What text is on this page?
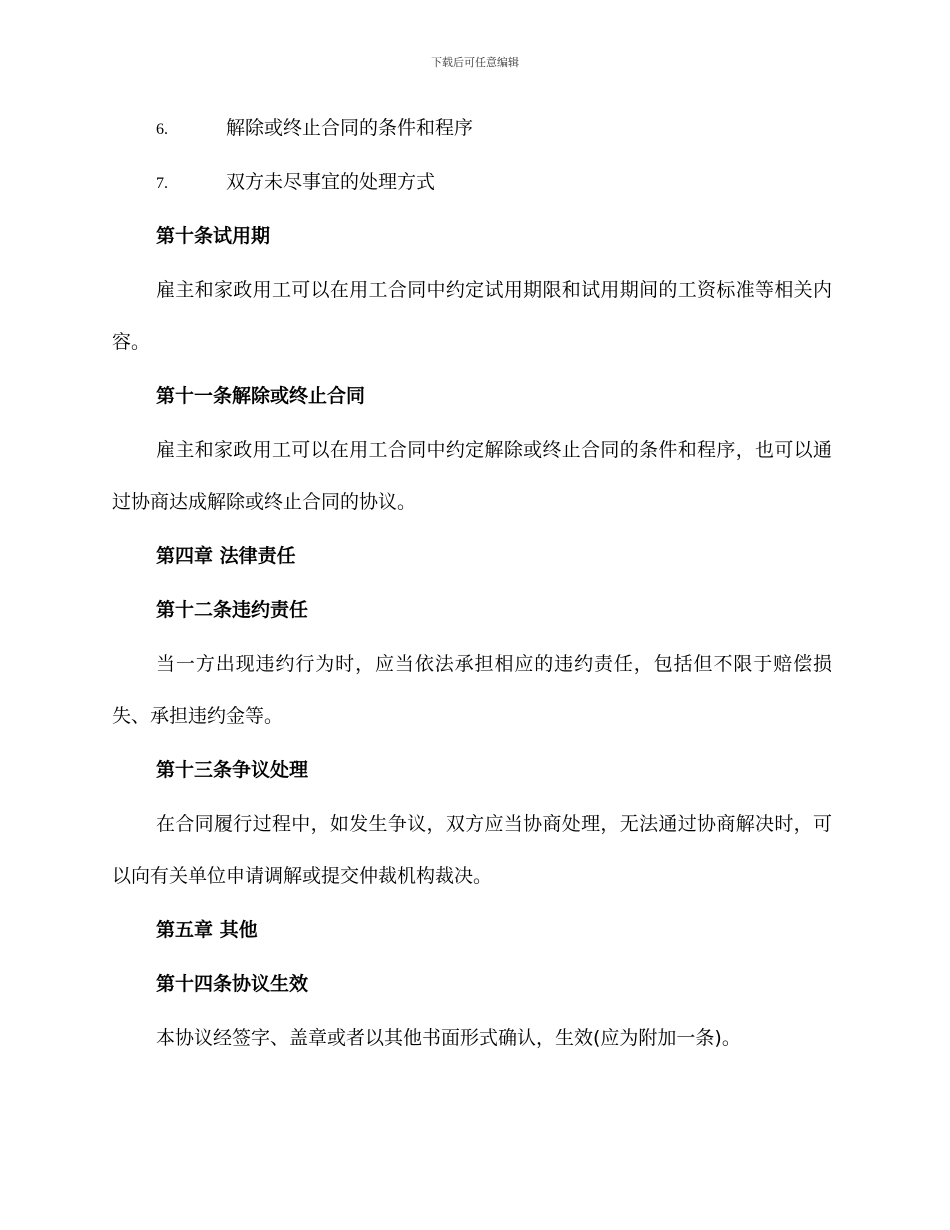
下载后可任意编辑
6.	解除或终止合同的条件和程序
7.	双方未尽事宜的处理方式
第十条试用期
雇主和家政用工可以在用工合同中约定试用期限和试用期间的工资标准等相关内容。
第十一条解除或终止合同
雇主和家政用工可以在用工合同中约定解除或终止合同的条件和程序，也可以通过协商达成解除或终止合同的协议。
第四章 法律责任
第十二条违约责任
当一方出现违约行为时，应当依法承担相应的违约责任，包括但不限于赔偿损失、承担违约金等。
第十三条争议处理
在合同履行过程中，如发生争议，双方应当协商处理，无法通过协商解决时，可以向有关单位申请调解或提交仲裁机构裁决。
第五章 其他
第十四条协议生效
本协议经签字、盖章或者以其他书面形式确认，生效(应为附加一条)。
